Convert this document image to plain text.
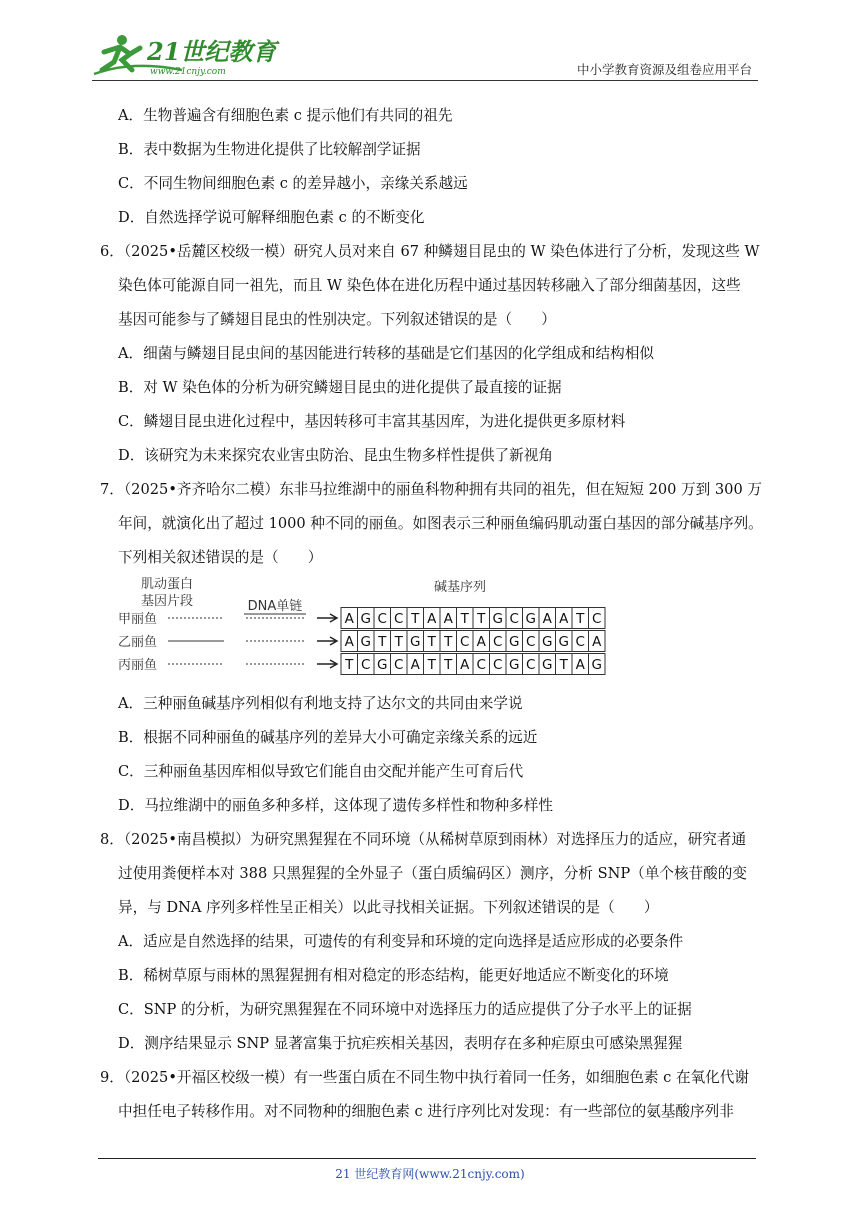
21世纪教育
www.21cnjy.com	中小学教育资源及组卷应用平台
A．生物普遍含有细胞色素 c 提示他们有共同的祖先
B．表中数据为生物进化提供了比较解剖学证据
C．不同生物间细胞色素 c 的差异越小，亲缘关系越远
D．自然选择学说可解释细胞色素 c 的不断变化
6．（2025•岳麓区校级一模）研究人员对来自 67 种鳞翅目昆虫的 W 染色体进行了分析，发现这些 W
染色体可能源自同一祖先，而且 W 染色体在进化历程中通过基因转移融入了部分细菌基因，这些
基因可能参与了鳞翅目昆虫的性别决定。下列叙述错误的是（　　）
A．细菌与鳞翅目昆虫间的基因能进行转移的基础是它们基因的化学组成和结构相似
B．对 W 染色体的分析为研究鳞翅目昆虫的进化提供了最直接的证据
C．鳞翅目昆虫进化过程中，基因转移可丰富其基因库，为进化提供更多原材料
D．该研究为未来探究农业害虫防治、昆虫生物多样性提供了新视角
7．（2025•齐齐哈尔二模）东非马拉维湖中的丽鱼科物种拥有共同的祖先，但在短短 200 万到 300 万
年间，就演化出了超过 1000 种不同的丽鱼。如图表示三种丽鱼编码肌动蛋白基因的部分碱基序列。
下列相关叙述错误的是（　　）
肌动蛋白
基因片段	DNA单链
碱基序列
甲丽鱼	A G C C T A A T T G C G A A T C
乙丽鱼	A G T T G T T C A C G C G G C A
丙丽鱼	T C G C A T T A C C G C G T A G
A．三种丽鱼碱基序列相似有利地支持了达尔文的共同由来学说
B．根据不同种丽鱼的碱基序列的差异大小可确定亲缘关系的远近
C．三种丽鱼基因库相似导致它们能自由交配并能产生可育后代
D．马拉维湖中的丽鱼多种多样，这体现了遗传多样性和物种多样性
8．（2025•南昌模拟）为研究黑猩猩在不同环境（从稀树草原到雨林）对选择压力的适应，研究者通
过使用粪便样本对 388 只黑猩猩的全外显子（蛋白质编码区）测序，分析 SNP（单个核苷酸的变
异，与 DNA 序列多样性呈正相关）以此寻找相关证据。下列叙述错误的是（　　）
A．适应是自然选择的结果，可遗传的有利变异和环境的定向选择是适应形成的必要条件
B．稀树草原与雨林的黑猩猩拥有相对稳定的形态结构，能更好地适应不断变化的环境
C．SNP 的分析，为研究黑猩猩在不同环境中对选择压力的适应提供了分子水平上的证据
D．测序结果显示 SNP 显著富集于抗疟疾相关基因，表明存在多种疟原虫可感染黑猩猩
9．（2025•开福区校级一模）有一些蛋白质在不同生物中执行着同一任务，如细胞色素 c 在氧化代谢
中担任电子转移作用。对不同物种的细胞色素 c 进行序列比对发现：有一些部位的氨基酸序列非
21 世纪教育网(www.21cnjy.com)
